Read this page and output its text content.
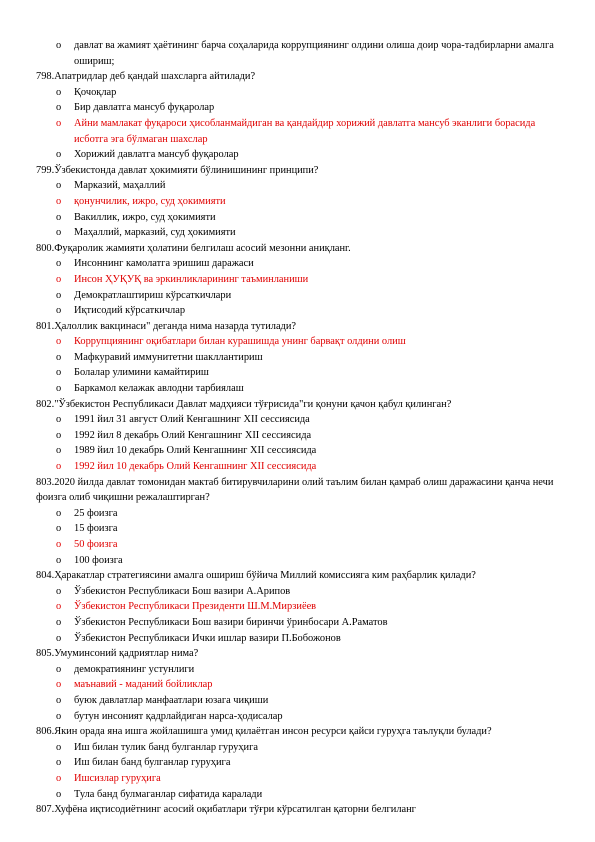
o давлат ва жамият ҳаётининг барча соҳаларида коррупциянинг олдини олиша доир чора-тадбирларни амалга ошириш;
798.Апатридлар деб қандай шахсларга айтилади?
o Қочоқлар
o Бир давлатга мансуб фуқаролар
o Айни мамлакат фуқароси ҳисобланмайдиган ва қандайдир хорижий давлатга мансуб эканлиги борасида исботга эга бўлмаган шахслар
o Хорижий давлатга мансуб фуқаролар
799.Ўзбекистонда давлат ҳокимияти бўлинишининг принципи?
o Марказий, маҳаллий
o қонунчилик, ижро, суд ҳокимияти
o Вакиллик, ижро, суд ҳокимияти
o Маҳаллий, марказий, суд ҳокимияти
800.Фуқаролик жамияти ҳолатини белгилаш асосий мезонни аниқланг.
o Инсоннинг камолатга эришиш даражаси
o Инсон ҲУҚУҚ ва эркинликларининг таъминланиши
o Демократлаштириш кўрсаткичлари
o Иқтисодий кўрсаткичлар
801.Ҳалоллик вакцинаси" деганда нима назарда тутилади?
o Коррупциянинг оқибатлари билан курашишда унинг барвақт олдини олиш
o Мафкуравий иммунитетни шакллантириш
o Болалар улимини камайтириш
o Баркамол келажак авлодни тарбиялаш
802."Ўзбекистон Республикаси Давлат мадҳияси тўғрисида"ги қонуни қачон қабул қилинган?
o 1991 йил 31 август Олий Кенгашнинг XII сессиясида
o 1992 йил 8 декабрь Олий Кенгашнинг XII сессиясида
o 1989 йил 10 декабрь Олий Кенгашнинг XII сессиясида
o 1992 йил 10 декабрь Олий Кенгашнинг XII сессиясида
803.2020 йилда давлат томонидан мактаб битирувчиларини олий таълим билан қамраб олиш даражасини қанча нечи фоизга олиб чиқишни режалаштирган?
o 25 фоизга
o 15 фоизга
o 50 фоизга
o 100 фоизга
804.Ҳаракатлар стратегиясини амалга ошириш бўйича Миллий комиссияга ким раҳбарлик қилади?
o Ўзбекистон Республикаси Бош вазири А.Арипов
o Ўзбекистон Республикаси Президенти Ш.М.Мирзиёев
o Ўзбекистон Республикаси Бош вазири биринчи ўринбосари А.Раматов
o Ўзбекистон Республикаси Ички ишлар вазири П.Бобожонов
805.Умуминсоний қадриятлар нима?
o демократиянинг устунлиги
o маънавий - маданий бойликлар
o буюк давлатлар манфаатлари юзага чиқиши
o бутун инсоният қадрлайдиган нарса-ҳодисалар
806.Якин орада яна ишга жойлашишга умид қилаётган инсон ресурси қайси гуруҳга таълуқли булади?
o Иш билан тулик банд булганлар гуруҳига
o Иш билан банд булганлар гуруҳига
o Ишсизлар гуруҳига
o Тула банд булмаганлар сифатида каралади
807.Хуфёна иқтисодиётнинг асосий оқибатлари тўғри кўрсатилган қаторни белгиланг
